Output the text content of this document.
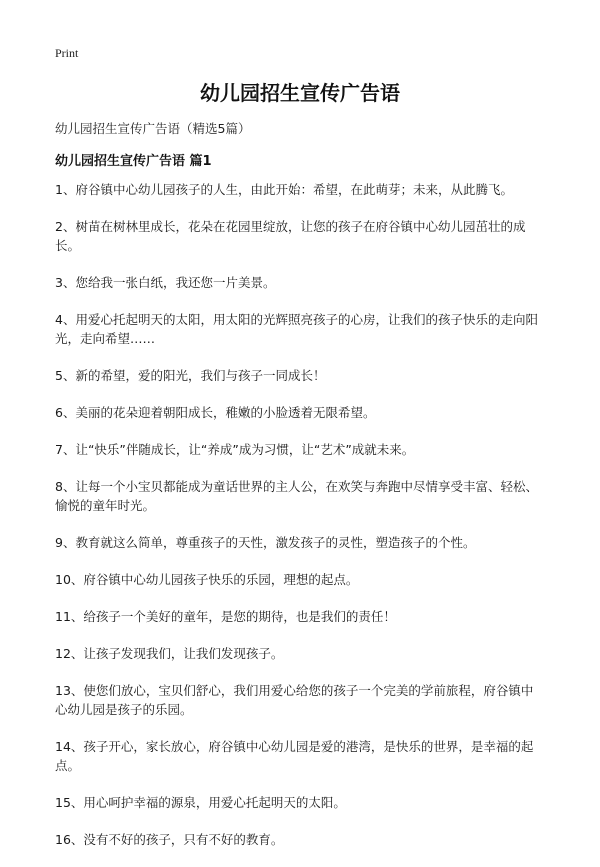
Print
幼儿园招生宣传广告语

幼儿园招生宣传广告语（精选5篇）

幼儿园招生宣传广告语 篇1
1、府谷镇中心幼儿园孩子的人生，由此开始：希望，在此萌芽；未来，从此腾飞。
2、树苗在树林里成长，花朵在花园里绽放，让您的孩子在府谷镇中心幼儿园茁壮的成长。
3、您给我一张白纸，我还您一片美景。
4、用爱心托起明天的太阳，用太阳的光辉照亮孩子的心房，让我们的孩子快乐的走向阳光，走向希望……
5、新的希望，爱的阳光，我们与孩子一同成长！
6、美丽的花朵迎着朝阳成长，稚嫩的小脸透着无限希望。
7、让“快乐”伴随成长，让“养成”成为习惯，让“艺术”成就未来。
8、让每一个小宝贝都能成为童话世界的主人公，在欢笑与奔跑中尽情享受丰富、轻松、愉悦的童年时光。
9、教育就这么简单，尊重孩子的天性，激发孩子的灵性，塑造孩子的个性。
10、府谷镇中心幼儿园孩子快乐的乐园，理想的起点。
11、给孩子一个美好的童年，是您的期待，也是我们的责任！
12、让孩子发现我们，让我们发现孩子。
13、使您们放心，宝贝们舒心，我们用爱心给您的孩子一个完美的学前旅程，府谷镇中心幼儿园是孩子的乐园。
14、孩子开心，家长放心，府谷镇中心幼儿园是爱的港湾，是快乐的世界，是幸福的起点。
15、用心呵护幸福的源泉，用爱心托起明天的太阳。
16、没有不好的孩子，只有不好的教育。
